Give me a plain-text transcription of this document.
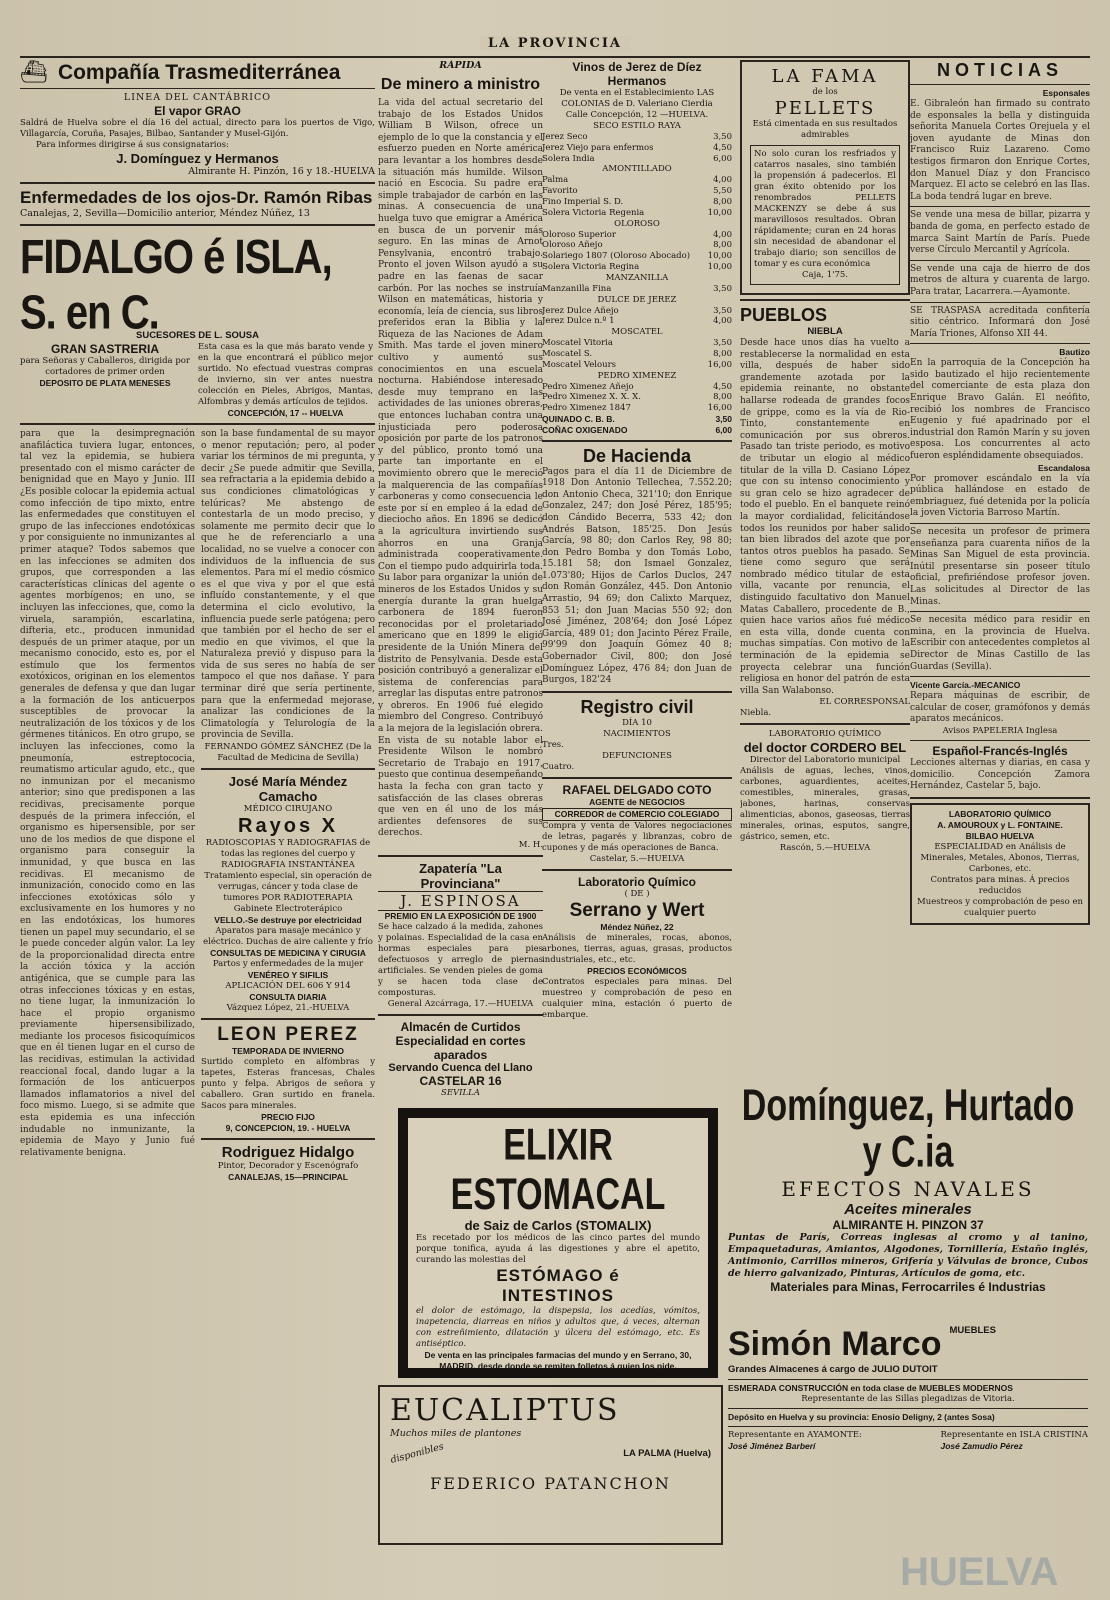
LA PROVINCIA
⛴ Compañía Trasmediterránea
LINEA DEL CANTÁBRICO
El vapor GRAO

Saldrá de Huelva sobre el día 16 del actual, directo para los puertos de Vigo, Villagarcía, Coruña, Pasajes, Bilbao, Santander y Musel-Gijón.

Para informes dirigirse á sus consignatarios:
J. Domínguez y Hermanos
Almirante H. Pinzón, 16 y 18.-HUELVA
Enfermedades de los ojos-Dr. Ramón Ribas
Canalejas, 2, Sevilla—Domicilio anterior, Méndez Núñez, 13
FIDALGO é ISLA, S. en C.
SUCESORES DE L. SOUSA
GRAN SASTRERIA
para Señoras y Caballeros, dirigida por cortadores de primer orden
DEPOSITO DE PLATA MENESES

Esta casa es la que más barato vende y en la que encontrará el público mejor surtido. No efectuad vuestras compras de invierno, sin ver antes nuestra colección en Pieles, Abrigos, Mantas, Alfombras y demás artículos de tejidos.

CONCEPCIÓN, 17 -- HUELVA

para que la desimpregnación anafiláctica tuviera lugar, entonces, tal vez la epidemia, se hubiera presentado con el mismo carácter de benignidad que en Mayo y Junio. III ¿Es posible colocar la epidemia actual como infección de tipo mixto, entre las enfermedades que constituyen el grupo de las infecciones endotóxicas y por consiguiente no inmunizantes al primer ataque? Todos sabemos que en las infecciones se admiten dos grupos, que corresponden a las características clínicas del agente o agentes morbígenos; en uno, se incluyen las infecciones, que, como la viruela, sarampión, escarlatina, difteria, etc., producen inmunidad después de un primer ataque, por un mecanismo conocido, esto es, por el estímulo que los fermentos exotóxicos, originan en los elementos generales de defensa y que dan lugar a la formación de los anticuerpos susceptibles de provocar la neutralización de los tóxicos y de los gérmenes titánicos. En otro grupo, se incluyen las infecciones, como la pneumonía, estreptococia, reumatismo articular agudo, etc., que no inmunizan por el mecanismo anterior; sino que predisponen a las recidivas, precisamente porque después de la primera infección, el organismo es hipersensible, por ser uno de los medios de que dispone el organismo para conseguir la inmunidad, y que busca en las recidivas. El mecanismo de inmunización, conocido como en las infecciones exotóxicas sólo y exclusivamente en los humores y no en las endotóxicas, los humores tienen un papel muy secundario, el se le puede conceder algún valor. La ley de la proporcionalidad directa entre la acción tóxica y la acción antigénica, que se cumple para las otras infecciones tóxicas y en estas, no tiene lugar, la inmunización lo hace el propio organismo previamente hipersensibilizado, mediante los procesos fisicoquímicos que en él tienen lugar en el curso de las recidivas, estimulan la actividad reaccional focal, dando lugar a la formación de los anticuerpos llamados inflamatorios a nivel del foco mismo. Luego, si se admite que esta epidemia es una infección indudable no inmunizante, la epidemia de Mayo y Junio fué relativamente benigna.

son la base fundamental de su mayor o menor reputación; pero, al poder variar los términos de mi pregunta, y decir ¿Se puede admitir que Sevilla, sea refractaria a la epidemia debido a sus condiciones climatológicas y telúricas? Me abstengo de contestarla de un modo preciso, y solamente me permito decir que lo que he de referenciarlo a una localidad, no se vuelve a conocer con individuos de la influencia de sus elementos. Para mí el medio cósmico es el que viva y por el que está influído constantemente, y el que determina el ciclo evolutivo, la influencia puede serle patógena; pero que también por el hecho de ser el medio en que vivimos, el que la Naturaleza previó y dispuso para la vida de sus seres no había de ser tampoco el que nos dañase. Y para terminar diré que sería pertinente, para que la enfermedad mejorase, analizar las condiciones de la Climatología y Telurología de la provincia de Sevilla.

FERNANDO GÓMEZ SÁNCHEZ (De la Facultad de Medicina de Sevilla)
José María Méndez Camacho
MÉDICO CIRUJANO
Rayos X
RADIOSCOPIAS Y RADIOGRAFIAS de todas las regiones del cuerpo y RADIOGRAFIA INSTANTÁNEA
Tratamiento especial, sin operación de verrugas, cáncer y toda clase de tumores POR RADIOTERAPIA
Gabinete Electroterápico
VELLO.-Se destruye por electricidad
Aparatos para masaje mecánico y eléctrico. Duchas de aire caliente y frío
CONSULTAS DE MEDICINA Y CIRUGIA
Partos y enfermedades de la mujer
VENÉREO Y SIFILIS
APLICACIÓN DEL 606 Y 914
CONSULTA DIARIA
Vázquez López, 21.-HUELVA
LEON PEREZ
TEMPORADA DE INVIERNO

Surtido completo en alfombras y tapetes, Esteras francesas, Chales punto y felpa. Abrigos de señora y caballero. Gran surtido en franela. Sacos para minerales.

PRECIO FIJO
9, CONCEPCION, 19. - HUELVA
Rodriguez Hidalgo
Pintor, Decorador y Escenógrafo
CANALEJAS, 15—PRINCIPAL
RÁPIDA
De minero a ministro

La vida del actual secretario del trabajo de los Estados Unidos William B Wilson, ofrece un ejemplo de lo que la constancia y el esfuerzo pueden en Norte américa para levantar a los hombres desde la situación más humilde. Wilson nació en Escocia. Su padre era simple trabajador de carbón en las minas. A consecuencia de una huelga tuvo que emigrar a América en busca de un porvenir más seguro. En las minas de Arnot Pensylvania, encontró trabajo. Pronto el joven Wilson ayudó a su padre en las faenas de sacar carbón. Por las noches se instruía Wilson en matemáticas, historia y economía, leía de ciencia, sus libros preferidos eran la Biblia y la Riqueza de las Naciones de Adam Smith. Mas tarde el joven minero cultivo y aumentó sus conocimientos en una escuela nocturna. Habiéndose interesado desde muy temprano en las actividades de las uniones obreras, que entonces luchaban contra una injusticiada pero poderosa oposición por parte de los patronos y del público, pronto tomó una parte tan importante en el movimiento obrero que le mereció la malquerencia de las compañías carboneras y como consecuencia le este por sí en empleo á la edad de dieciocho años. En 1896 se dedicó a la agricultura invirtiendo sus ahorros en una Granja administrada cooperativamente. Con el tiempo pudo adquirirla toda. Su labor para organizar la unión de mineros de los Estados Unidos y su energía durante la gran huelga carbonera de 1894 fueron reconocidas por el proletariado americano que en 1899 le eligió presidente de la Unión Minera del distrito de Pensylvania. Desde esta posición contribuyó a generalizar el sistema de conferencias para arreglar las disputas entre patronos y obreros. En 1906 fué elegido miembro del Congreso. Contribuyó a la mejora de la legislación obrera. En vista de su notable labor el Presidente Wilson le nombró Secretario de Trabajo en 1917, puesto que continua desempeñando hasta la fecha con gran tacto y satisfacción de las clases obreras que ven en él uno de los más ardientes defensores de sus derechos.

M. H.
Zapatería "La Provinciana"
J. ESPINOSA
PREMIO EN LA EXPOSICIÓN DE 1900

Se hace calzado á la medida, zahones y polainas. Especialidad de la casa en hormas especiales para pies defectuosos y arreglo de piernas artificiales. Se venden pieles de goma y se hacen toda clase de composturas.

General Azcárraga, 17.—HUELVA
Almacén de Curtidos
Especialidad en cortes aparados
Servando Cuenca del Llano
CASTELAR 16
SEVILLA
Vinos de Jerez de Díez Hermanos
De venta en el Establecimiento LAS COLONIAS de D. Valeriano Cierdia
Calle Concepción, 12 —HUELVA.
SECO ESTILO RAYA
Jerez Seco	3,50
Jerez Viejo para enfermos	4,50
Solera India	6,00
AMONTILLADO
Palma	4,00
Favorito	5,50
Fino Imperial S. D.	8,00
Solera Victoria Regenia	10,00
OLOROSO
Oloroso Superior	4,00
Oloroso Añejo	8,00
Solariego 1807 (Oloroso Abocado) 10,00
Solera Victoria Regina	10,00
MANZANILLA
Manzanilla Fina	3,50
DULCE DE JEREZ
Jerez Dulce Añejo	3,50
Jerez Dulce n.º 1	4,00
MOSCATEL
Moscatel Vitoria	3,50
Moscatel S.	8,00
Moscatel Velours	16,00
PEDRO XIMENEZ
Pedro Ximenez Añejo	4,50
Pedro Ximenez X. X. X.	8,00
Pedro Ximenez 1847	16,00
QUINADO C. B. B.	3,50
COÑAC OXIGENADO	6,00
De Hacienda

Pagos para el día 11 de Diciembre de 1918 Don Antonio Tellechea, 7.552.20; don Antonio Checa, 321'10; don Enrique Gonzalez, 247; don José Pérez, 185'95; don Cándido Becerra, 533 42; don Andrés Batson, 185'25. Don Jesús García, 98 80; don Carlos Rey, 98 80; don Pedro Bomba y don Tomás Lobo, 15.181 58; don Ismael Gonzalez, 1.073'80; Hijos de Carlos Duclos, 247 don Román González, 445. Don Antonio Arrastio, 94 69; don Calixto Marquez, 853 51; don Juan Macias 550 92; don José Jiménez, 208'64; don José López García, 489 01; don Jacinto Pérez Fraile, 99'99 don Joaquín Gómez 40 8; Gobernador Civil, 800; don José Domínguez López, 476 84; don Juan de Burgos, 182'24

Registro civil
DÍA 10
NACIMIENTOS
Tres.
DEFUNCIONES
Cuatro.
RAFAEL DELGADO COTO
AGENTE de NEGOCIOS
CORREDOR de COMERCIO COLEGIADO

Compra y venta de Valores negociaciones de letras, pagarés y libranzas, cobro de cupones y de más operaciones de Banca.

Castelar, 5.—HUELVA
Laboratorio Químico
( DE )
Serrano y Wert
Méndez Núñez, 22

Análisis de minerales, rocas, abonos, arbones, tierras, aguas, grasas, productos industriales, etc., etc.

PRECIOS ECONÓMICOS

Contratos especiales para minas. Del muestreo y comprobación de peso en cualquier mina, estación ó puerto de embarque.

LA FAMA
de los
PELLETS
Está cimentada en sus resultados admirables

No solo curan los resfriados y catarros nasales, sino también la propensión á padecerlos. El gran éxito obtenido por los renombrados PELLETS MACKENZY se debe á sus maravillosos resultados. Obran rápidamente; curan en 24 horas sin necesidad de abandonar el trabajo diario; son sencillos de tomar y es cura económica

Caja, 1'75.
PUEBLOS
NIEBLA

Desde hace unos días ha vuelto a restablecerse la normalidad en esta villa, después de haber sido grandemente azotada por la epidemia reinante, no obstante hallarse rodeada de grandes focos de grippe, como es la vía de Rio-Tinto, constantemente en comunicación por sus obreros. Pasado tan triste periodo, es motivo de tributar un elogio al médico titular de la villa D. Casiano López que con su intenso conocimiento y su gran celo se hizo agradecer de todo el pueblo. En el banquete reinó la mayor cordialidad, felicitándose todos los reunidos por haber salido tan bien librados del azote que por tantos otros pueblos ha pasado. Se tiene como seguro que será nombrado médico titular de esta villa, vacante por renuncia, el distinguido facultativo don Manuel Matas Caballero, procedente de B., quien hace varios años fué médico en esta villa, donde cuenta con muchas simpatías. Con motivo de la terminación de la epidemia se proyecta celebrar una función religiosa en honor del patrón de esta villa San Walabonso.

EL CORRESPONSAL
Niebla.
LABORATORIO QUÍMICO
del doctor CORDERO BEL
Director del Laboratorio municipal

Análisis de aguas, leches, vinos, carbones, aguardientes, aceites, comestibles, minerales, grasas, jabones, harinas, conservas alimenticias, abonos, gaseosas, tierras minerales, orinas, esputos, sangre, gástrico, semen, etc.

Rascón, 5.—HUELVA
NOTICIAS
Esponsales

E. Gibraleón han firmado su contrato de esponsales la bella y distinguida señorita Manuela Cortes Orejuela y el joven ayudante de Minas don Francisco Ruiz Lazareno. Como testigos firmaron don Enrique Cortes, don Manuel Díaz y don Francisco Marquez. El acto se celebró en las Ilas. La boda tendrá lugar en breve.

Se vende una mesa de billar, pizarra y banda de goma, en perfecto estado de marca Saint Martín de París. Puede verse Círculo Mercantil y Agrícola.

Se vende una caja de hierro de dos metros de altura y cuarenta de largo. Para tratar, Lacarrera.—Ayamonte.

SE TRASPASA acreditada confitería sitio céntrico. Informará don José María Triones, Alfonso XII 44.

Bautizo

En la parroquia de la Concepción ha sido bautizado el hijo recientemente del comerciante de esta plaza don Enrique Bravo Galán. El neófito, recibió los nombres de Francisco Eugenio y fué apadrinado por el industrial don Ramón Marín y su joven esposa. Los concurrentes al acto fueron espléndidamente obsequiados.

Escandalosa

Por promover escándalo en la vía pública hallándose en estado de embriaguez, fué detenida por la policía la joven Victoria Barroso Martín.

Se necesita un profesor de primera enseñanza para cuarenta niños de la Minas San Miguel de esta provincia. Inútil presentarse sin poseer título oficial, prefiriéndose profesor joven. Las solicitudes al Director de las Minas.

Se necesita médico para residir en mina, en la provincia de Huelva. Escribir con antecedentes completos al Director de Minas Castillo de las Guardas (Sevilla).

Vicente García.-MECANICO

Repara máquinas de escribir, de calcular de coser, gramófonos y demás aparatos mecánicos.

Avisos PAPELERIA Inglesa
Español-Francés-Inglés

Lecciones alternas y diarias, en casa y domicilio. Concepción Zamora Hernández, Castelar 5, bajo.

LABORATORIO QUÍMICO
A. AMOUROUX y L. FONTAINE.
BILBAO HUELVA
ESPECIALIDAD en Análisis de Minerales, Metales, Abonos, Tierras, Carbones, etc.
Contratos para minas. Á precios reducidos
Muestreos y comprobación de peso en cualquier puerto
ELIXIR ESTOMACAL
de Saiz de Carlos (STOMALIX)

Es recetado por los médicos de las cinco partes del mundo porque tonifica, ayuda á las digestiones y abre el apetito, curando las molestias del

ESTÓMAGO é
INTESTINOS

el dolor de estómago, la dispepsia, los acedías, vómitos, inapetencia, diarreas en niños y adultos que, á veces, alternan con estreñimiento, dilatación y úlcera del estómago, etc. Es antiséptico.

De venta en las principales farmacias del mundo y en Serrano, 30, MADRID, desde donde se remiten folletos á quien los pide.
EUCALIPTUS
Muchos miles de plantones
disponibles	LA PALMA (Huelva)
FEDERICO PATANCHON
Domínguez, Hurtado y C.ia
EFECTOS NAVALES
Aceites minerales
ALMIRANTE H. PINZON 37

Puntas de París, Correas inglesas al cromo y al tanino, Empaquetaduras, Amiantos, Algodones, Tornillería, Estaño inglés, Antimonio, Carrillos mineros, Grifería y Válvulas de bronce, Cubos de hierro galvanizado, Pinturas, Artículos de goma, etc.

Materiales para Minas, Ferrocarriles é Industrias
Simón Marco MUEBLES
Grandes Almacenes á cargo de JULIO DUTOIT
ESMERADA CONSTRUCCIÓN en toda clase de MUEBLES MODERNOS
Representante de las Sillas plegadizas de Vitoria.
Depósito en Huelva y su provincia: Enosio Deligny, 2 (antes Sosa)
Representante en AYAMONTE:
José Jiménez Barberí
Representante en ISLA CRISTINA
José Zamudio Pérez
HUELVA
